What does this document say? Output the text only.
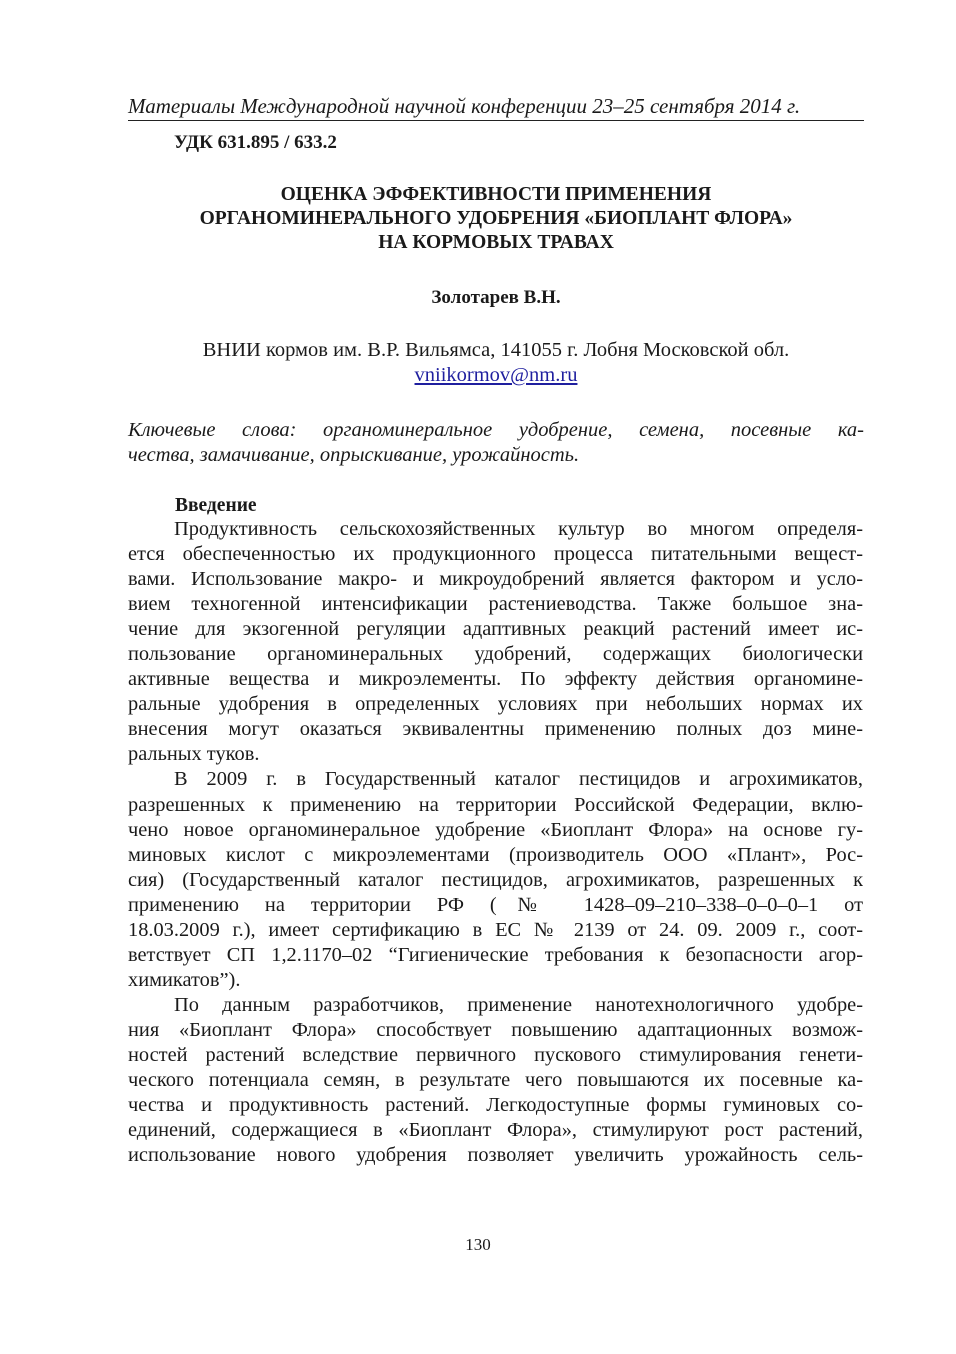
Материалы Международной научной конференции 23–25 сентября 2014 г.
УДК 631.895 / 633.2
ОЦЕНКА ЭФФЕКТИВНОСТИ ПРИМЕНЕНИЯ
ОРГАНОМИНЕРАЛЬНОГО УДОБРЕНИЯ «БИОПЛАНТ ФЛОРА»
НА КОРМОВЫХ ТРАВАХ
Золотарев В.Н.
ВНИИ кормов им. В.Р. Вильямса, 141055 г. Лобня Московской обл.
vniikormov@nm.ru
Ключевые слова: органоминеральное удобрение, семена, посевные ка-
чества, замачивание, опрыскивание, урожайность.
Введение
Продуктивность сельскохозяйственных культур во многом определя-
ется обеспеченностью их продукционного процесса питательными вещест-
вами. Использование макро- и микроудобрений является фактором и усло-
вием техногенной интенсификации растениеводства. Также большое зна-
чение для экзогенной регуляции адаптивных реакций растений имеет ис-
пользование органоминеральных удобрений, содержащих биологически
активные вещества и микроэлементы. По эффекту действия органомине-
ральные удобрения в определенных условиях при небольших нормах их
внесения могут оказаться эквивалентны применению полных доз мине-
ральных туков.
В 2009 г. в Государственный каталог пестицидов и агрохимикатов,
разрешенных к применению на территории Российской Федерации, вклю-
чено новое органоминеральное удобрение «Биоплант Флора» на основе гу-
миновых кислот с микроэлементами (производитель ООО «Плант», Рос-
сия) (Государственный каталог пестицидов, агрохимикатов, разрешенных к
применению на территории РФ (№ 1428–09–210–338–0–0–0–1 от
18.03.2009 г.), имеет сертификацию в ЕС № 2139 от 24. 09. 2009 г., соот-
ветствует СП 1,2.1170–02 “Гигиенические требования к безопасности агор-
химикатов”).
По данным разработчиков, применение нанотехнологичного удобре-
ния «Биоплант Флора» способствует повышению адаптационных возмож-
ностей растений вследствие первичного пускового стимулирования генети-
ческого потенциала семян, в результате чего повышаются их посевные ка-
чества и продуктивность растений. Легкодоступные формы гуминовых со-
единений, содержащиеся в «Биоплант Флора», стимулируют рост растений,
использование нового удобрения позволяет увеличить урожайность сель-
130
